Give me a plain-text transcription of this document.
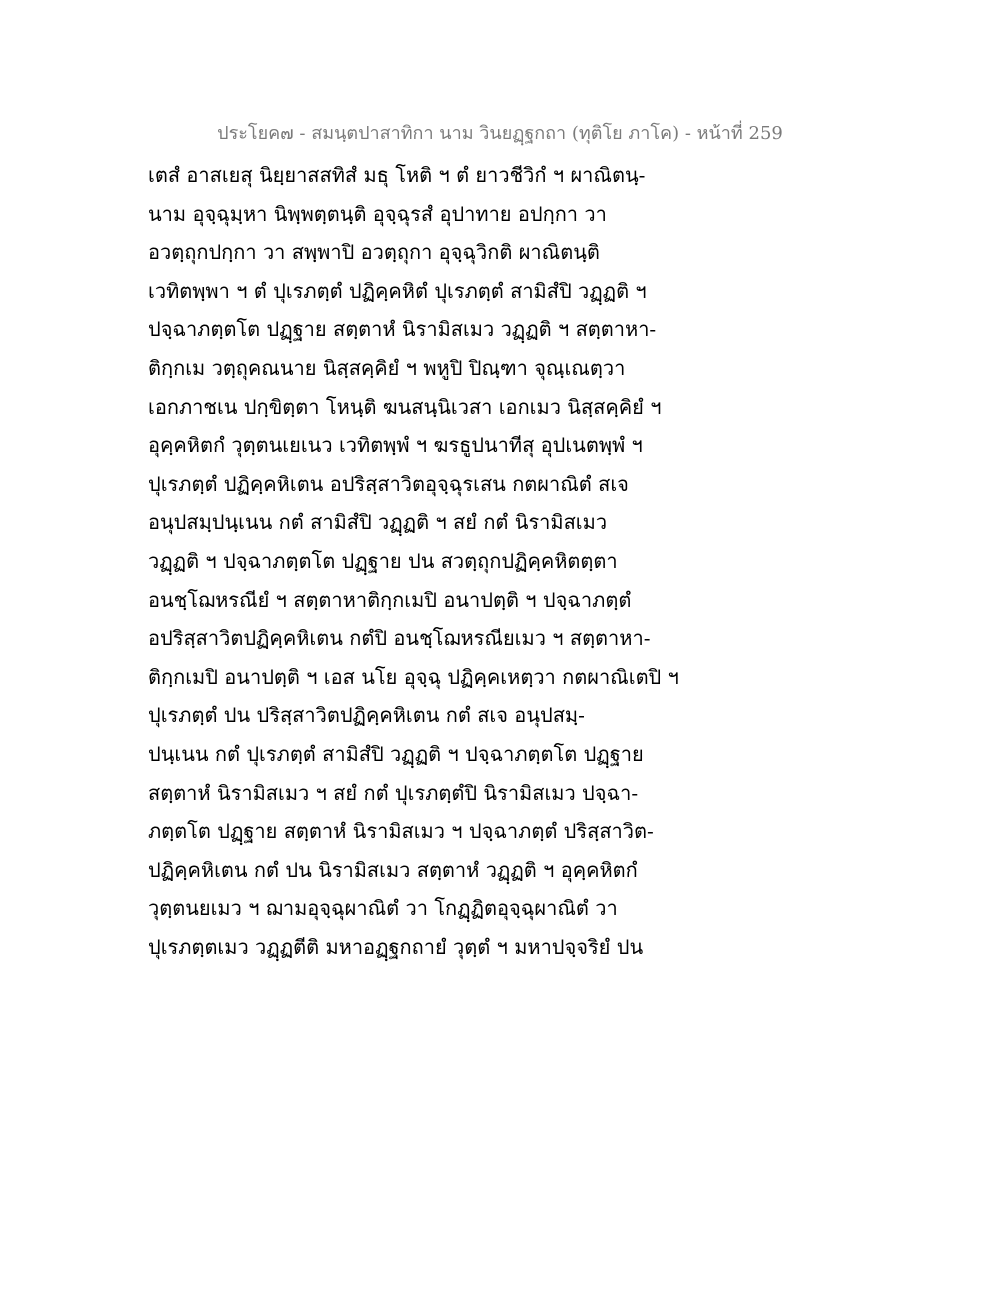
ประโยค๗ - สมนฺตปาสาทิกา นาม วินยฏฺฐกถา (ทุติโย ภาโค) - หน้าที่ 259
เตสํ อาสเยสุ นิยฺยาสสทิสํ มธุ โหติ ฯ ตํ ยาวชีวิกํ ฯ ผาณิตนฺ-
นาม อุจฺฉุมฺหา นิพฺพตฺตนฺติ อุจฺฉุรสํ อุปาทาย อปกฺกา วา
อวตฺถุกปกฺกา วา สพฺพาปิ อวตฺถุกา อุจฺฉุวิกติ ผาณิตนฺติ
เวทิตพฺพา ฯ ตํ ปุเรภตฺตํ ปฏิคฺคหิตํ ปุเรภตฺตํ สามิสํปิ วฏฺฏติ ฯ
ปจฺฉาภตฺตโต ปฏฺฐาย สตฺตาหํ นิรามิสเมว วฏฺฏติ ฯ สตฺตาหา-
ติกฺกเม วตฺถุคณนาย นิสฺสคฺคิยํ ฯ พหูปิ ปิณฺฑา จุณฺเณตฺวา
เอกภาชเน ปกฺขิตฺตา โหนฺติ ฆนสนฺนิเวสา เอกเมว นิสฺสคฺคิยํ ฯ
อุคฺคหิตกํ วุตฺตนเยเนว เวทิตพฺพํ ฯ ฆรธูปนาทีสุ อุปเนตพฺพํ ฯ
ปุเรภตฺตํ ปฏิคฺคหิเตน อปริสฺสาวิตอุจฺฉุรเสน กตผาณิตํ สเจ
อนุปสมฺปนฺเนน กตํ สามิสํปิ วฏฺฏติ ฯ สยํ กตํ นิรามิสเมว
วฏฺฏติ ฯ ปจฺฉาภตฺตโต ปฏฺฐาย ปน สวตฺถุกปฏิคฺคหิตตฺตา
อนชฺโฌหรณียํ ฯ สตฺตาหาติกฺกเมปิ อนาปตฺติ ฯ ปจฺฉาภตฺตํ
อปริสฺสาวิตปฏิคฺคหิเตน กตํปิ อนชฺโฌหรณียเมว ฯ สตฺตาหา-
ติกฺกเมปิ อนาปตฺติ ฯ เอส นโย อุจฺฉุ ปฏิคฺคเหตฺวา กตผาณิเตปิ ฯ
ปุเรภตฺตํ ปน ปริสฺสาวิตปฏิคฺคหิเตน กตํ สเจ อนุปสมฺ-
ปนฺเนน กตํ ปุเรภตฺตํ สามิสํปิ วฏฺฏติ ฯ ปจฺฉาภตฺตโต ปฏฺฐาย
สตฺตาหํ นิรามิสเมว ฯ สยํ กตํ ปุเรภตฺตํปิ นิรามิสเมว ปจฺฉา-
ภตฺตโต ปฏฺฐาย สตฺตาหํ นิรามิสเมว ฯ ปจฺฉาภตฺตํ ปริสฺสาวิต-
ปฏิคฺคหิเตน กตํ ปน นิรามิสเมว สตฺตาหํ วฏฺฏติ ฯ อุคฺคหิตกํ
วุตฺตนยเมว ฯ ฌามอุจฺฉุผาณิตํ วา โกฏฺฏิตอุจฺฉุผาณิตํ วา
ปุเรภตฺตเมว วฏฺฏตีติ มหาอฏฺฐกถายํ วุตฺตํ ฯ มหาปจฺจริยํ ปน
